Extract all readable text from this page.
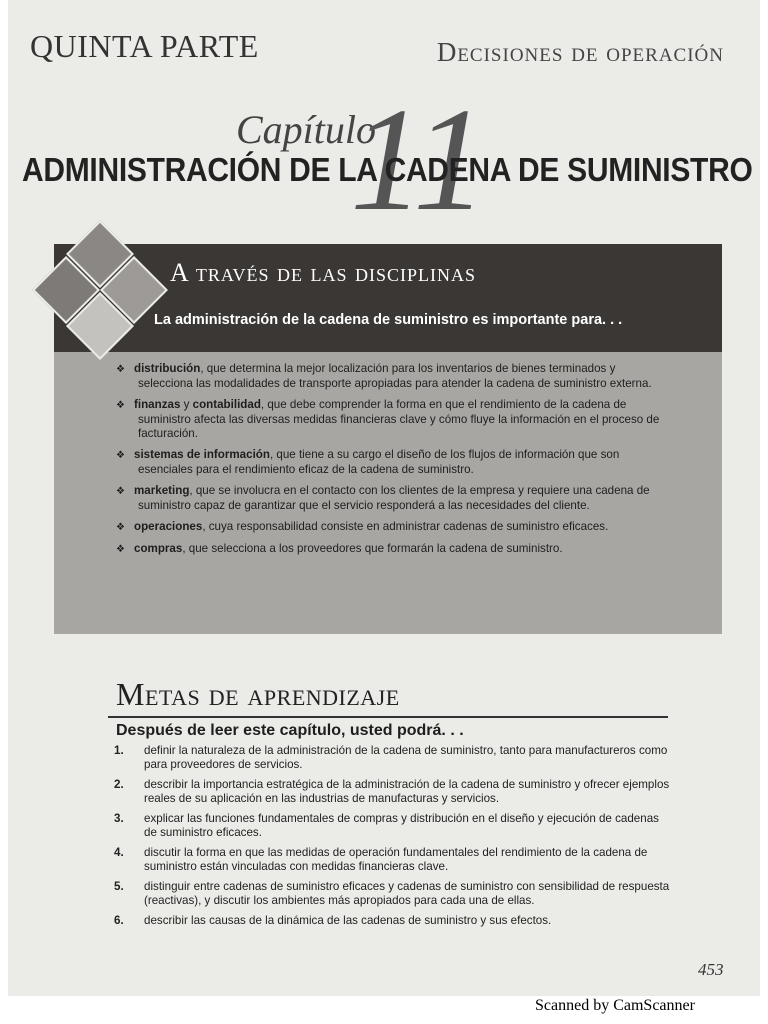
QUINTA PARTE	Decisiones de operación
Capítulo
11
ADMINISTRACIÓN DE LA CADENA DE SUMINISTRO
A través de las disciplinas
La administración de la cadena de suministro es importante para. . .
❖ distribución, que determina la mejor localización para los inventarios de bienes terminados y selecciona las modalidades de transporte apropiadas para atender la cadena de suministro externa.
❖ finanzas y contabilidad, que debe comprender la forma en que el rendimiento de la cadena de suministro afecta las diversas medidas financieras clave y cómo fluye la información en el proceso de facturación.
❖ sistemas de información, que tiene a su cargo el diseño de los flujos de información que son esenciales para el rendimiento eficaz de la cadena de suministro.
❖ marketing, que se involucra en el contacto con los clientes de la empresa y requiere una cadena de suministro capaz de garantizar que el servicio responderá a las necesidades del cliente.
❖ operaciones, cuya responsabilidad consiste en administrar cadenas de suministro eficaces.
❖ compras, que selecciona a los proveedores que formarán la cadena de suministro.
Metas de aprendizaje
Después de leer este capítulo, usted podrá. . .
1. definir la naturaleza de la administración de la cadena de suministro, tanto para manufactureros como para proveedores de servicios.
2. describir la importancia estratégica de la administración de la cadena de suministro y ofrecer ejemplos reales de su aplicación en las industrias de manufacturas y servicios.
3. explicar las funciones fundamentales de compras y distribución en el diseño y ejecución de cadenas de suministro eficaces.
4. discutir la forma en que las medidas de operación fundamentales del rendimiento de la cadena de suministro están vinculadas con medidas financieras clave.
5. distinguir entre cadenas de suministro eficaces y cadenas de suministro con sensibilidad de respuesta (reactivas), y discutir los ambientes más apropiados para cada una de ellas.
6. describir las causas de la dinámica de las cadenas de suministro y sus efectos.
453
Scanned by CamScanner
